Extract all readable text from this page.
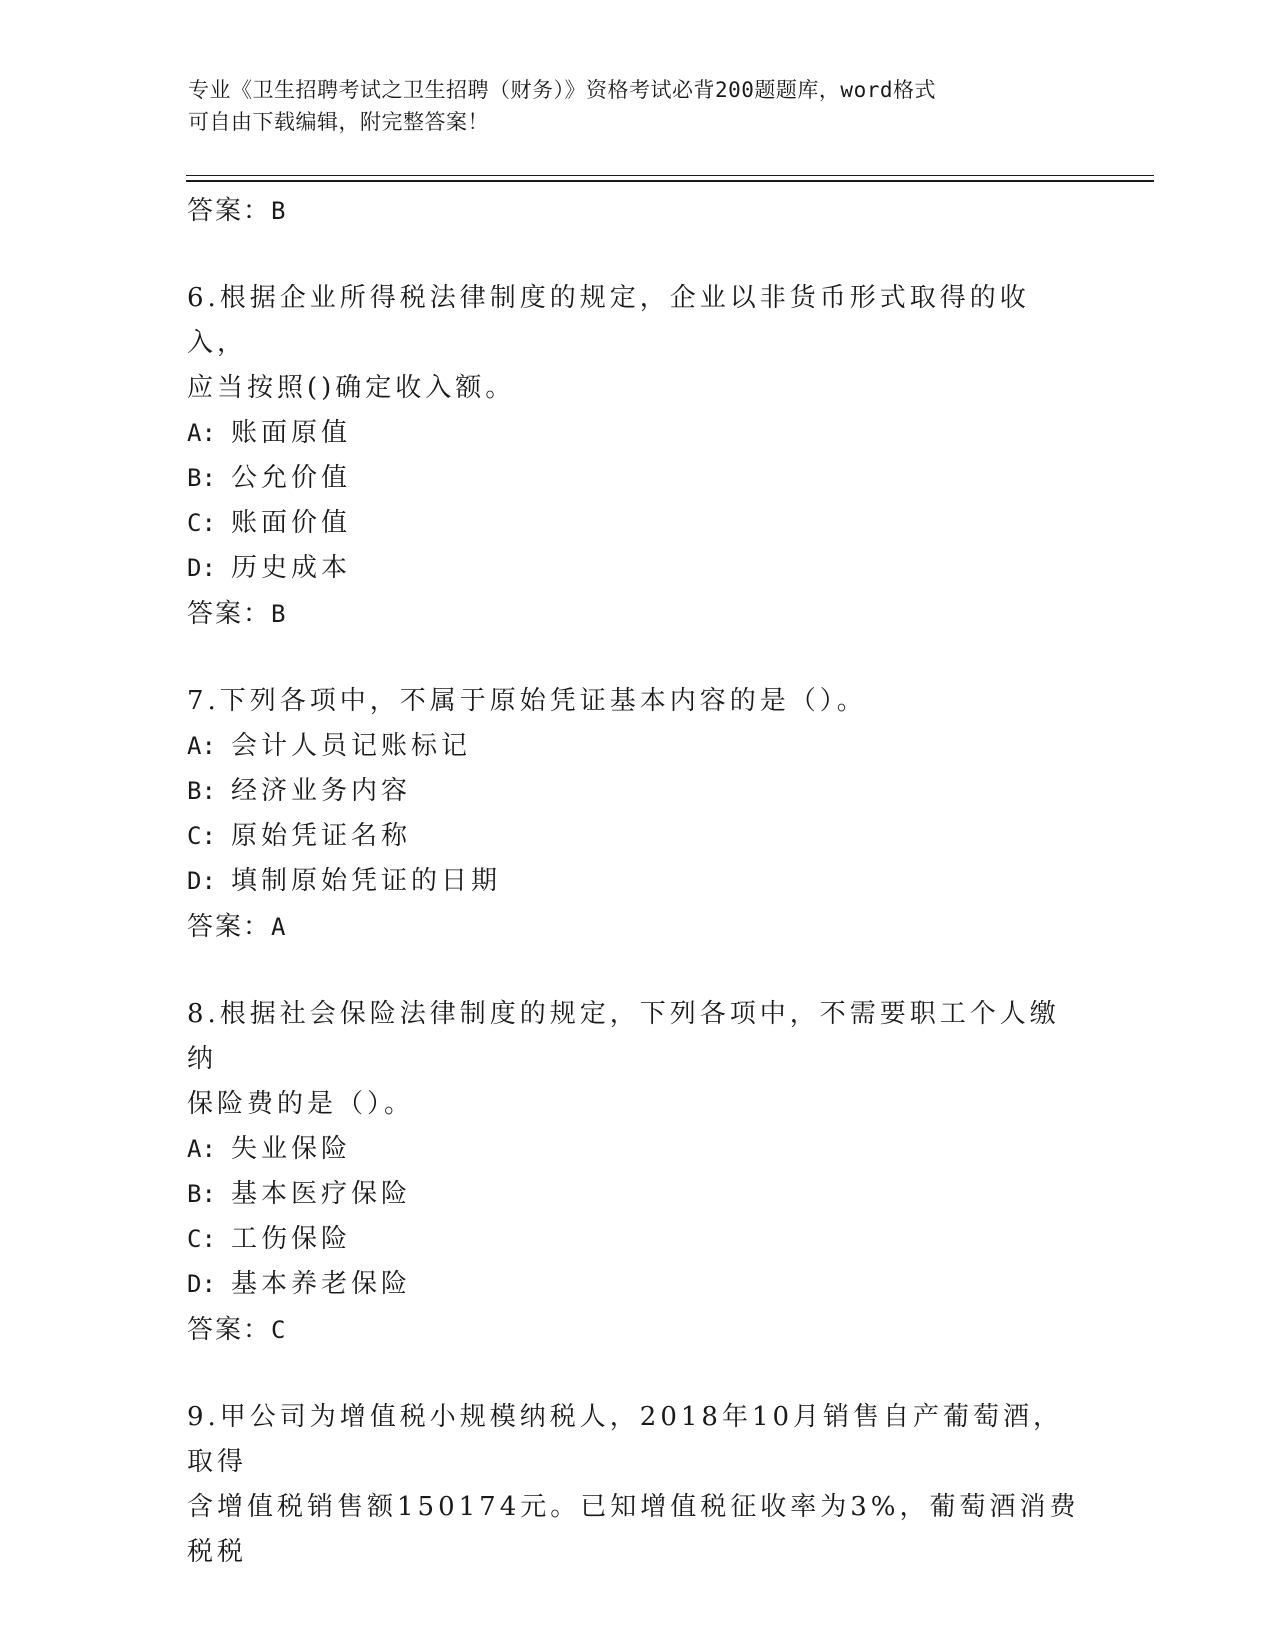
专业《卫生招聘考试之卫生招聘（财务）》资格考试必背200题题库，word格式
可自由下载编辑，附完整答案！
答案：B
6.根据企业所得税法律制度的规定，企业以非货币形式取得的收入，
应当按照()确定收入额。
A: 账面原值
B: 公允价值
C: 账面价值
D: 历史成本
答案：B
7.下列各项中，不属于原始凭证基本内容的是（）。
A: 会计人员记账标记
B: 经济业务内容
C: 原始凭证名称
D: 填制原始凭证的日期
答案：A
8.根据社会保险法律制度的规定，下列各项中，不需要职工个人缴纳
保险费的是（）。
A: 失业保险
B: 基本医疗保险
C: 工伤保险
D: 基本养老保险
答案：C
9.甲公司为增值税小规模纳税人，2018年10月销售自产葡萄酒，取得
含增值税销售额150174元。已知增值税征收率为3%，葡萄酒消费税税
